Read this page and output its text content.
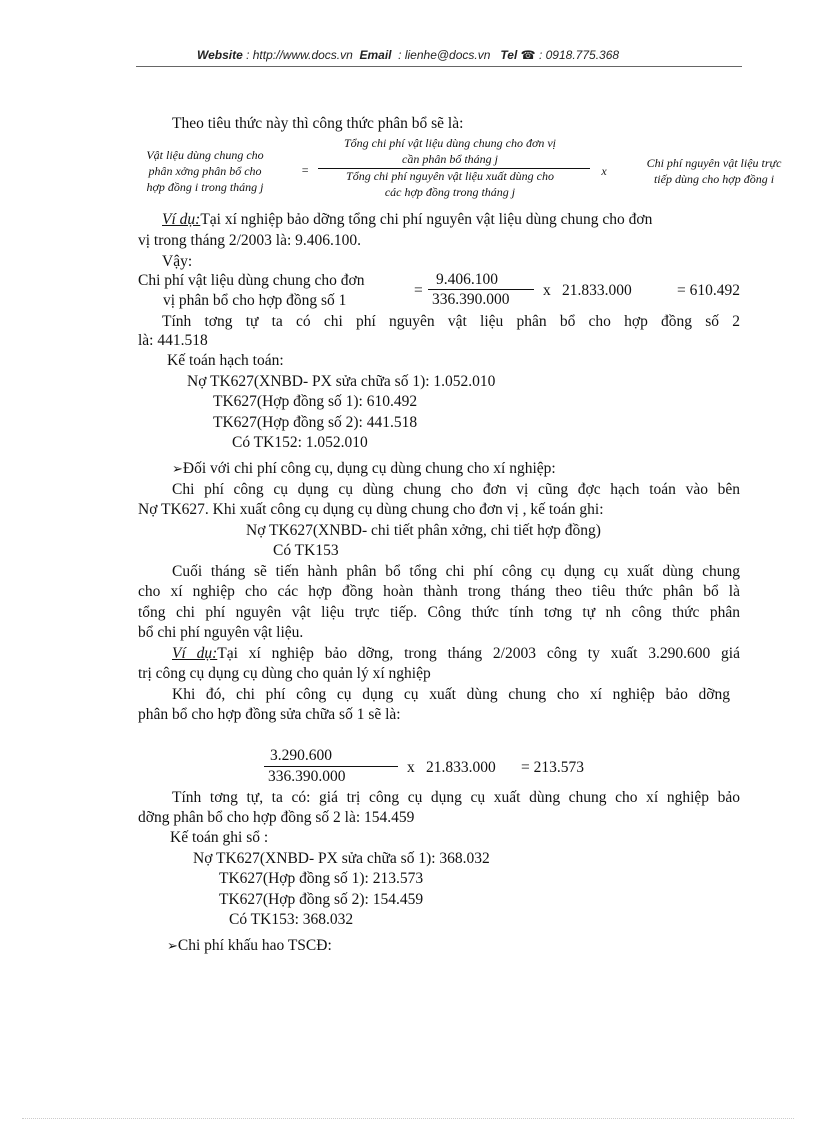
Website : http://www.docs.vn Email : lienhe@docs.vn Tel ☎ : 0918.775.368
Theo tiêu thức này thì công thức phân bổ sẽ là:
Vật liệu dùng chung cho
phân xởng phân bổ cho
hợp đồng i trong tháng j
=
Tổng chi phí vật liệu dùng chung cho đơn vị
cần phân bổ tháng j
Tổng chi phí nguyên vật liệu xuất dùng cho
các hợp đồng trong tháng j
x
Chi phí nguyên vật liệu trực
tiếp dùng cho hợp đồng i
Ví dụ:Tại xí nghiệp bảo dỡng tổng chi phí nguyên vật liệu dùng chung cho đơn
vị trong tháng 2/2003 là: 9.406.100.
Vậy:
Chi phí vật liệu dùng chung cho đơn
vị phân bổ cho hợp đồng số 1
=
9.406.100
336.390.000
x 21.833.000	= 610.492
Tính tơng tự ta có chi phí nguyên vật liệu phân bổ cho hợp đồng số 2
là: 441.518
Kế toán hạch toán:
Nợ TK627(XNBD- PX sửa chữa số 1): 1.052.010
TK627(Hợp đồng số 1): 610.492
TK627(Hợp đồng số 2): 441.518
Có TK152: 1.052.010
➢Đối với chi phí công cụ, dụng cụ dùng chung cho xí nghiệp:
Chi phí công cụ dụng cụ dùng chung cho đơn vị cũng đợc hạch toán vào bên
Nợ TK627. Khi xuất công cụ dụng cụ dùng chung cho đơn vị , kế toán ghi:
Nợ TK627(XNBD- chi tiết phân xởng, chi tiết hợp đồng)
Có TK153
Cuối tháng sẽ tiến hành phân bổ tổng chi phí công cụ dụng cụ xuất dùng chung
cho xí nghiệp cho các hợp đồng hoàn thành trong tháng theo tiêu thức phân bổ là
tổng chi phí nguyên vật liệu trực tiếp. Công thức tính tơng tự nh công thức phân
bổ chi phí nguyên vật liệu.
Ví dụ:Tại xí nghiệp bảo dỡng, trong tháng 2/2003 công ty xuất 3.290.600 giá
trị công cụ dụng cụ dùng cho quản lý xí nghiệp
Khi đó, chi phí công cụ dụng cụ xuất dùng chung cho xí nghiệp bảo dỡng
phân bổ cho hợp đồng sửa chữa số 1 sẽ là:
3.290.600
336.390.000
x 21.833.000 = 213.573
Tính tơng tự, ta có: giá trị công cụ dụng cụ xuất dùng chung cho xí nghiệp bảo
dỡng phân bổ cho hợp đồng số 2 là: 154.459
Kế toán ghi sổ :
Nợ TK627(XNBD- PX sửa chữa số 1): 368.032
TK627(Hợp đồng số 1): 213.573
TK627(Hợp đồng số 2): 154.459
Có TK153: 368.032
➢Chi phí khấu hao TSCĐ:
